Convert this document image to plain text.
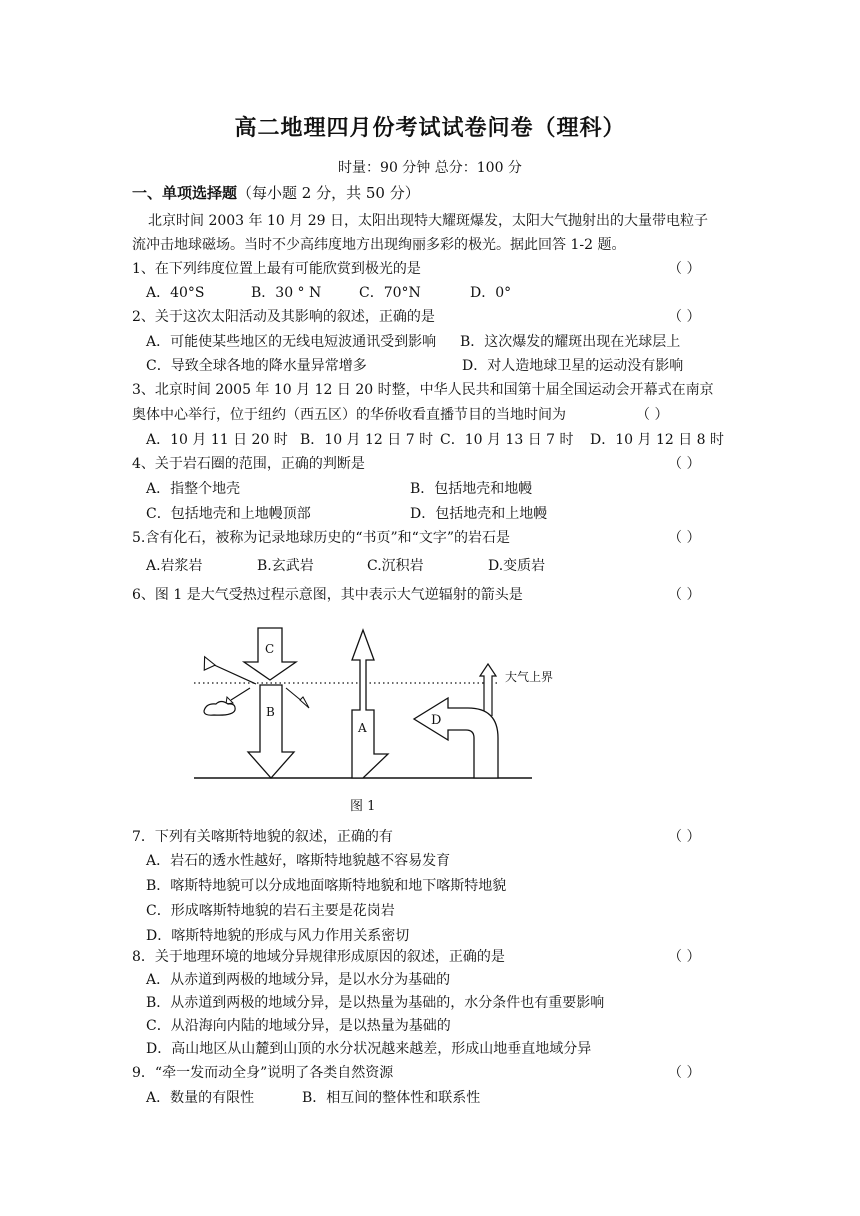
高二地理四月份考试试卷问卷（理科）
时量：90 分钟 总分：100 分
一、单项选择题（每小题 2 分，共 50 分）
北京时间 2003 年 10 月 29 日，太阳出现特大耀斑爆发，太阳大气抛射出的大量带电粒子
流冲击地球磁场。当时不少高纬度地方出现绚丽多彩的极光。据此回答 1-2 题。
1、在下列纬度位置上最有可能欣赏到极光的是	（ ）
A．40°S	B．30 ° N	C．70°N	D．0°
2、关于这次太阳活动及其影响的叙述，正确的是	（ ）
A．可能使某些地区的无线电短波通讯受到影响 B．这次爆发的耀斑出现在光球层上
C．导致全球各地的降水量异常增多	D．对人造地球卫星的运动没有影响
3、北京时间 2005 年 10 月 12 日 20 时整，中华人民共和国第十届全国运动会开幕式在南京
奥体中心举行，位于纽约（西五区）的华侨收看直播节目的当地时间为	（ ）
A．10 月 11 日 20 时 B．10 月 12 日 7 时 C．10 月 13 日 7 时 D．10 月 12 日 8 时
4、关于岩石圈的范围，正确的判断是	（ ）
A．指整个地壳	B．包括地壳和地幔
C．包括地壳和上地幔顶部	D．包括地壳和上地幔
5.含有化石，被称为记录地球历史的“书页”和“文字”的岩石是	（ ）
A.岩浆岩	B.玄武岩	C.沉积岩	D.变质岩
6、图 1 是大气受热过程示意图，其中表示大气逆辐射的箭头是	（ ）
大气上界
C
B
A	D
图 1
7．下列有关喀斯特地貌的叙述，正确的有	（ ）
A．岩石的透水性越好，喀斯特地貌越不容易发育
B．喀斯特地貌可以分成地面喀斯特地貌和地下喀斯特地貌
C．形成喀斯特地貌的岩石主要是花岗岩
D．喀斯特地貌的形成与风力作用关系密切
8．关于地理环境的地域分异规律形成原因的叙述，正确的是	（ ）
A．从赤道到两极的地域分异，是以水分为基础的
B．从赤道到两极的地域分异，是以热量为基础的，水分条件也有重要影响
C．从沿海向内陆的地域分异，是以热量为基础的
D．高山地区从山麓到山顶的水分状况越来越差，形成山地垂直地域分异
9．“牵一发而动全身”说明了各类自然资源	（ ）
A．数量的有限性	B．相互间的整体性和联系性
